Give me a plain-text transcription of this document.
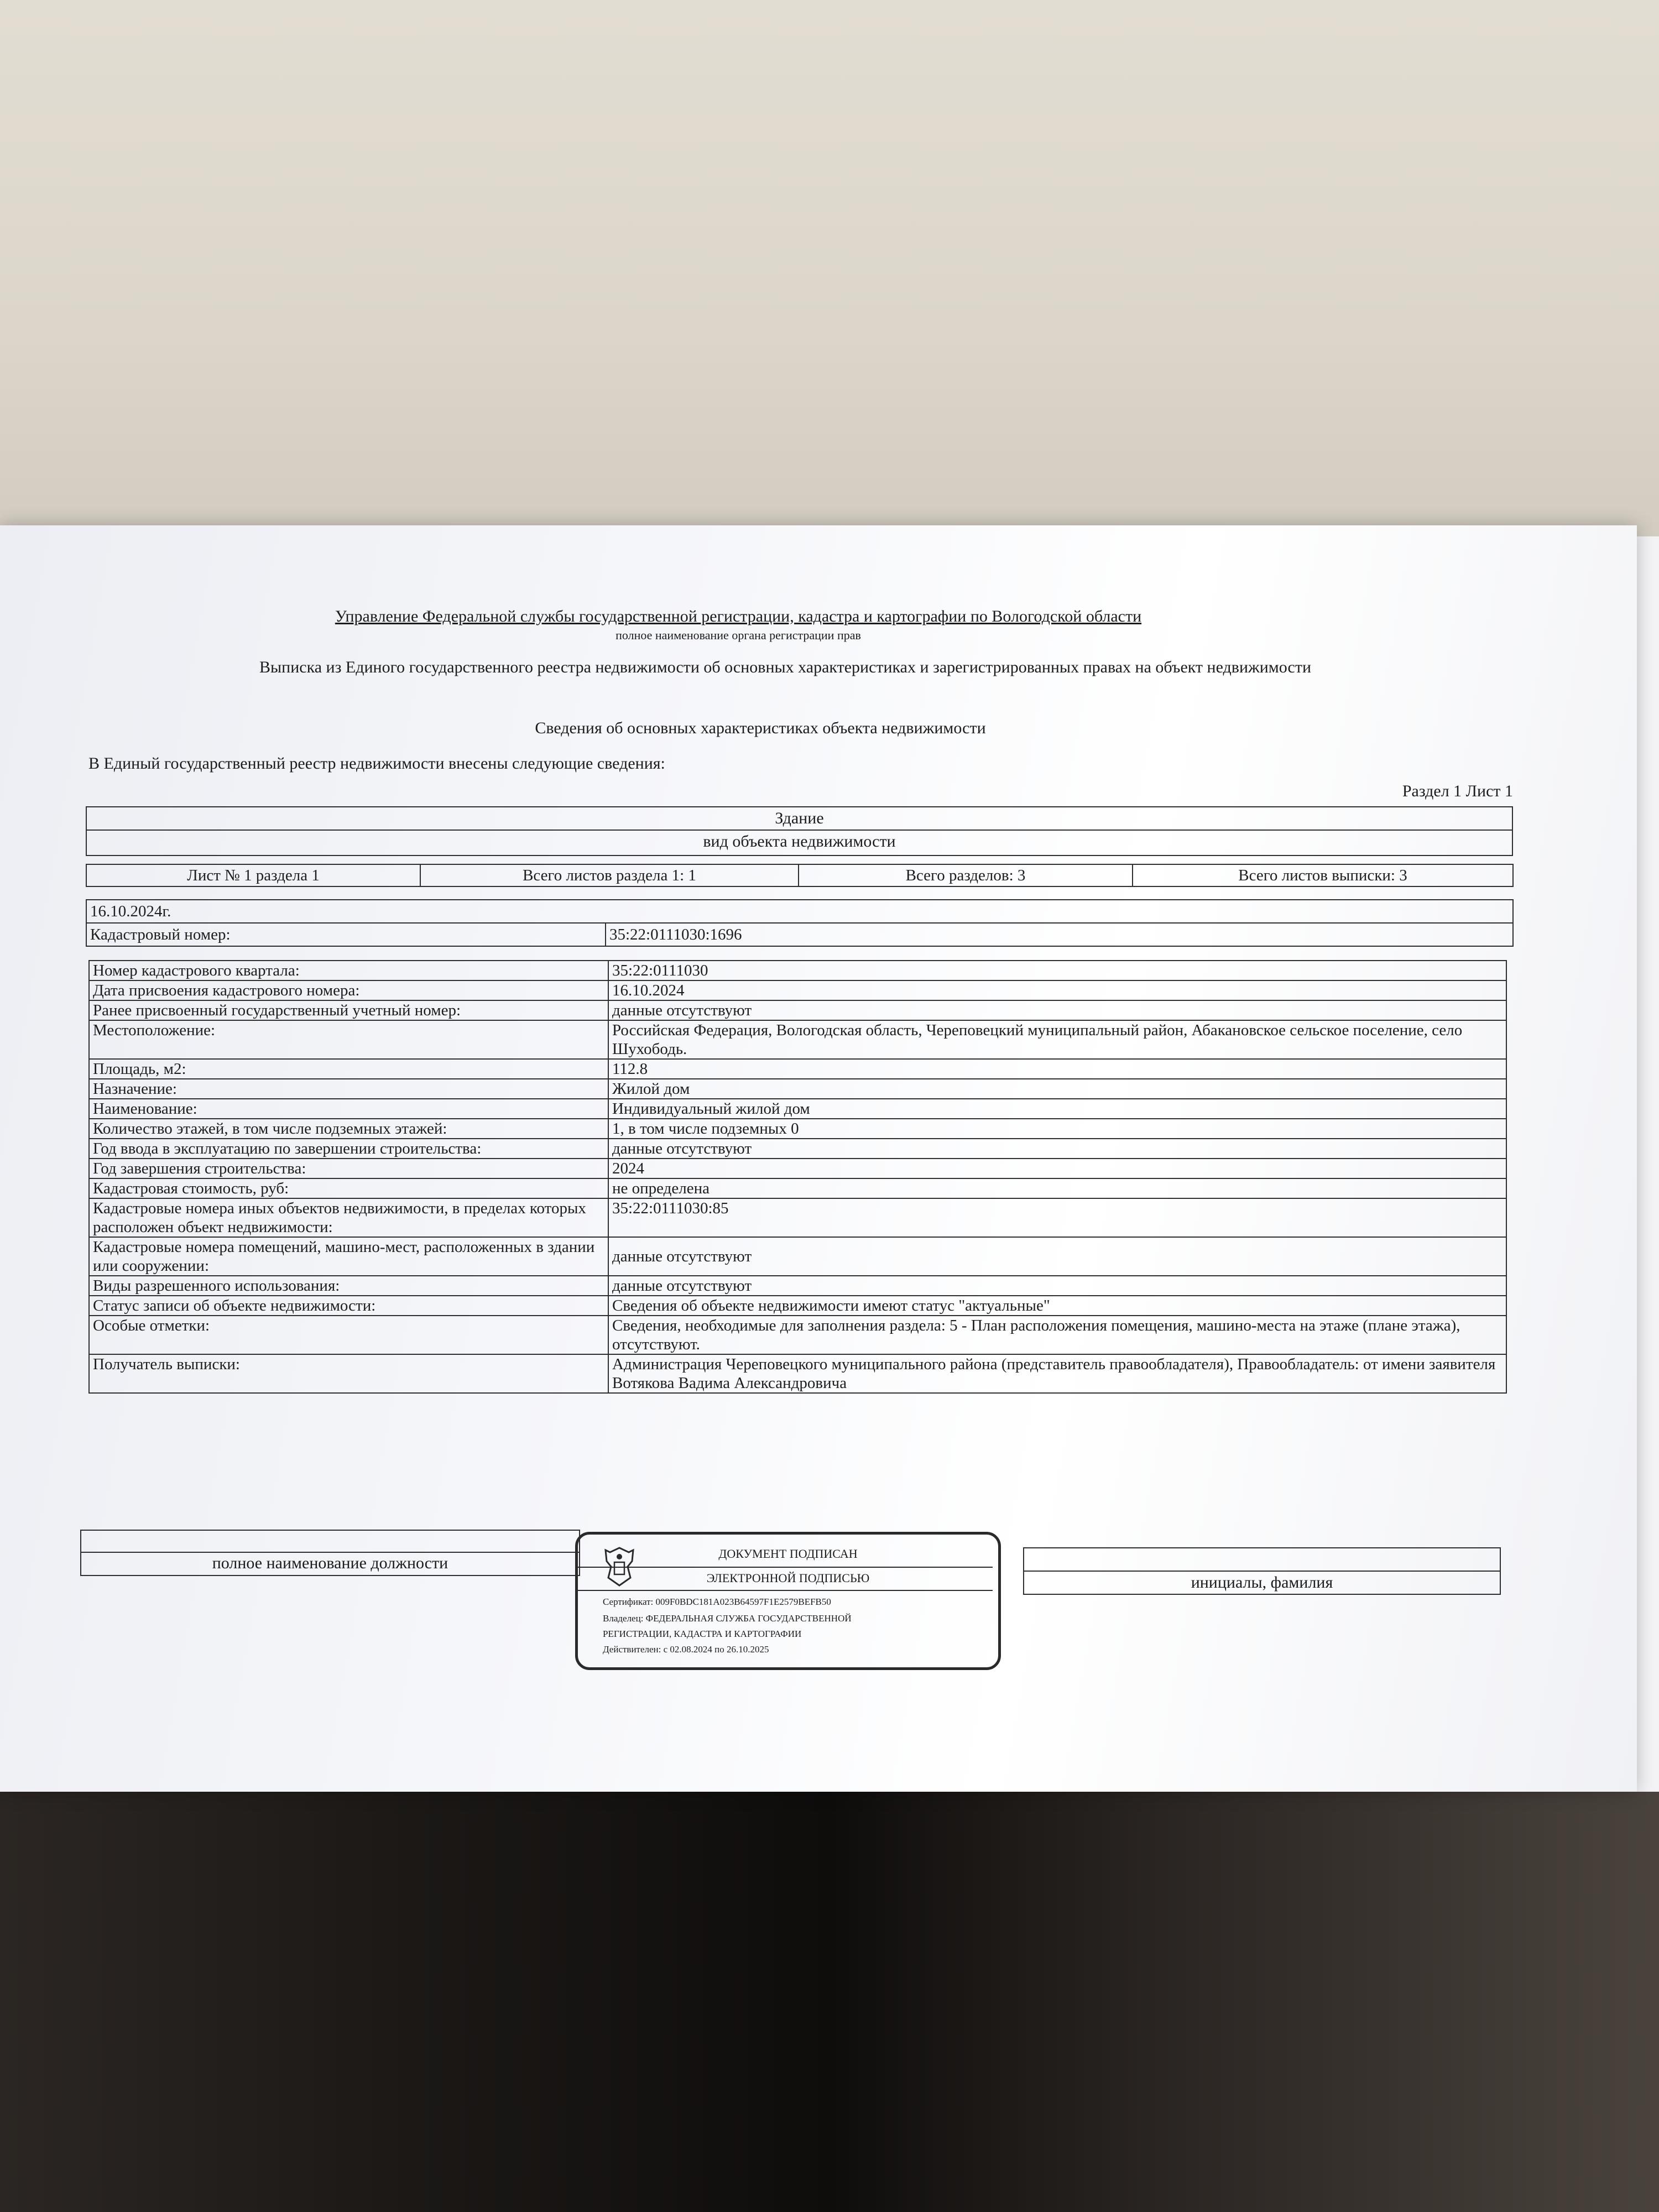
Управление Федеральной службы государственной регистрации, кадастра и картографии по Вологодской области
полное наименование органа регистрации прав
Выписка из Единого государственного реестра недвижимости об основных характеристиках и зарегистрированных правах на объект недвижимости
Сведения об основных характеристиках объекта недвижимости
В Единый государственный реестр недвижимости внесены следующие сведения:
Раздел 1 Лист 1
Здание
вид объекта недвижимости
Лист № 1 раздела 1	Всего листов раздела 1: 1	Всего разделов: 3	Всего листов выписки: 3
16.10.2024г.
Кадастровый номер:	35:22:0111030:1696
Номер кадастрового квартала:	35:22:0111030
Дата присвоения кадастрового номера:	16.10.2024
Ранее присвоенный государственный учетный номер:	данные отсутствуют
Местоположение:	Российская Федерация, Вологодская область, Череповецкий муниципальный район, Абакановское сельское поселение, село Шухободь.
Площадь, м2:	112.8
Назначение:	Жилой дом
Наименование:	Индивидуальный жилой дом
Количество этажей, в том числе подземных этажей:	1, в том числе подземных 0
Год ввода в эксплуатацию по завершении строительства:	данные отсутствуют
Год завершения строительства:	2024
Кадастровая стоимость, руб:	не определена
Кадастровые номера иных объектов недвижимости, в пределах которых расположен объект недвижимости:	35:22:0111030:85
Кадастровые номера помещений, машино-мест, расположенных в здании или сооружении:	данные отсутствуют
Виды разрешенного использования:	данные отсутствуют
Статус записи об объекте недвижимости:	Сведения об объекте недвижимости имеют статус "актуальные"
Особые отметки:	Сведения, необходимые для заполнения раздела: 5 - План расположения помещения, машино-места на этаже (плане этажа), отсутствуют.
Получатель выписки:	Администрация Череповецкого муниципального района (представитель правообладателя), Правообладатель: от имени заявителя Вотякова Вадима Александровича
полное наименование должности
инициалы, фамилия
ДОКУМЕНТ ПОДПИСАН
ЭЛЕКТРОННОЙ ПОДПИСЬЮ
Сертификат: 009F0BDC181A023B64597F1E2579BEFB50
Владелец: ФЕДЕРАЛЬНАЯ СЛУЖБА ГОСУДАРСТВЕННОЙ
РЕГИСТРАЦИИ, КАДАСТРА И КАРТОГРАФИИ
Действителен: с 02.08.2024 по 26.10.2025
